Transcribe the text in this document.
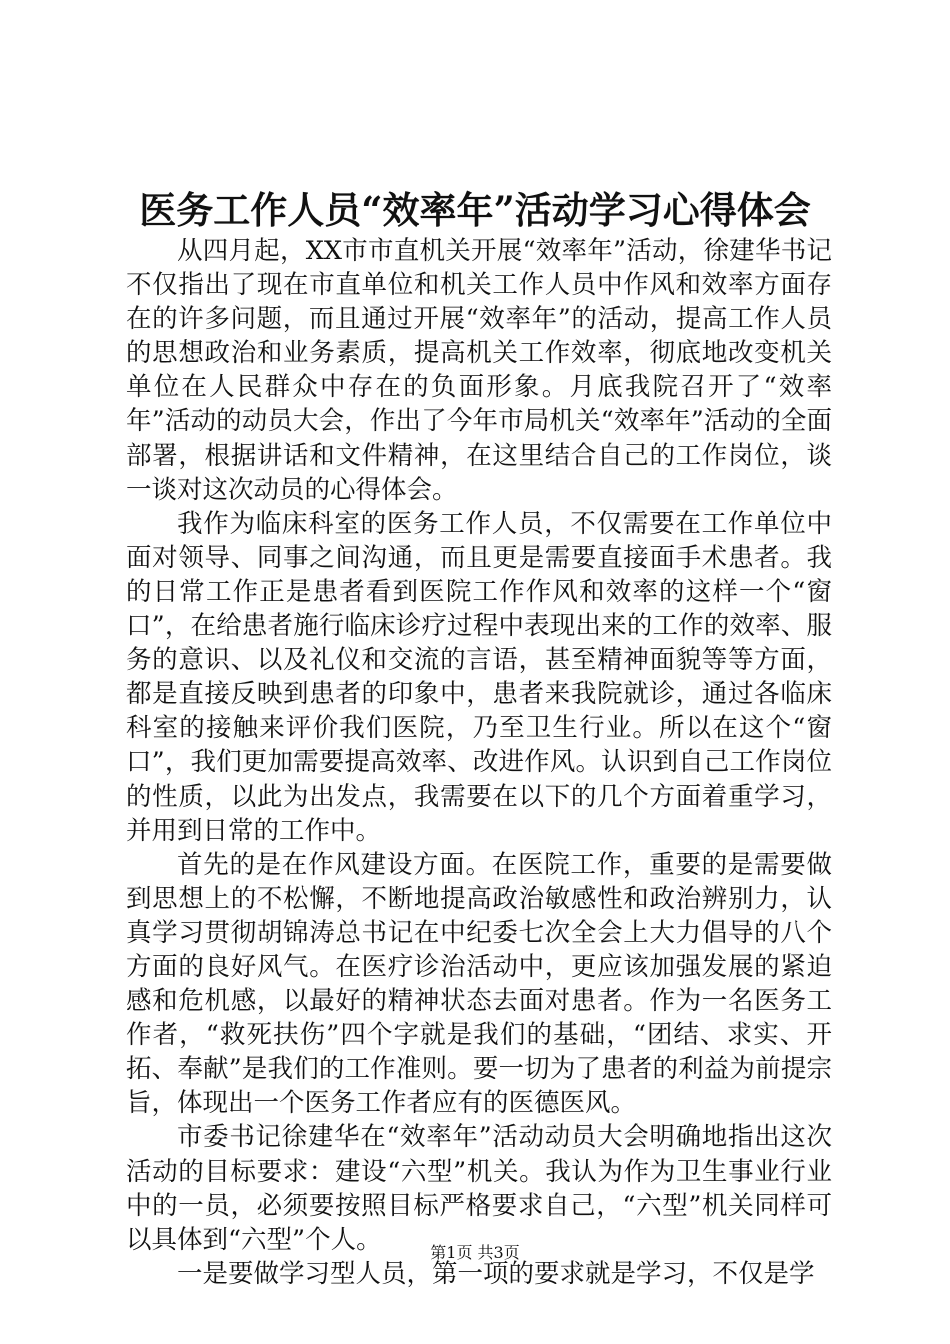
医务工作人员“效率年”活动学习心得体会

从四月起，XX市市直机关开展“效率年”活动，徐建华书记不仅指出了现在市直单位和机关工作人员中作风和效率方面存在的许多问题，而且通过开展“效率年”的活动，提高工作人员的思想政治和业务素质，提高机关工作效率，彻底地改变机关单位在人民群众中存在的负面形象。月底我院召开了“效率年”活动的动员大会，作出了今年市局机关“效率年”活动的全面部署，根据讲话和文件精神，在这里结合自己的工作岗位，谈一谈对这次动员的心得体会。

我作为临床科室的医务工作人员，不仅需要在工作单位中面对领导、同事之间沟通，而且更是需要直接面手术患者。我的日常工作正是患者看到医院工作作风和效率的这样一个“窗口”，在给患者施行临床诊疗过程中表现出来的工作的效率、服务的意识、以及礼仪和交流的言语，甚至精神面貌等等方面，都是直接反映到患者的印象中，患者来我院就诊，通过各临床科室的接触来评价我们医院，乃至卫生行业。所以在这个“窗口”，我们更加需要提高效率、改进作风。认识到自己工作岗位的性质，以此为出发点，我需要在以下的几个方面着重学习，并用到日常的工作中。

首先的是在作风建设方面。在医院工作，重要的是需要做到思想上的不松懈，不断地提高政治敏感性和政治辨别力，认真学习贯彻胡锦涛总书记在中纪委七次全会上大力倡导的八个方面的良好风气。在医疗诊治活动中，更应该加强发展的紧迫感和危机感，以最好的精神状态去面对患者。作为一名医务工作者，“救死扶伤”四个字就是我们的基础，“团结、求实、开拓、奉献”是我们的工作准则。要一切为了患者的利益为前提宗旨，体现出一个医务工作者应有的医德医风。

市委书记徐建华在“效率年”活动动员大会明确地指出这次活动的目标要求：建设“六型”机关。我认为作为卫生事业行业中的一员，必须要按照目标严格要求自己，“六型”机关同样可以具体到“六型”个人。

一是要做学习型人员，第一项的要求就是学习，不仅是学

第1页 共3页
